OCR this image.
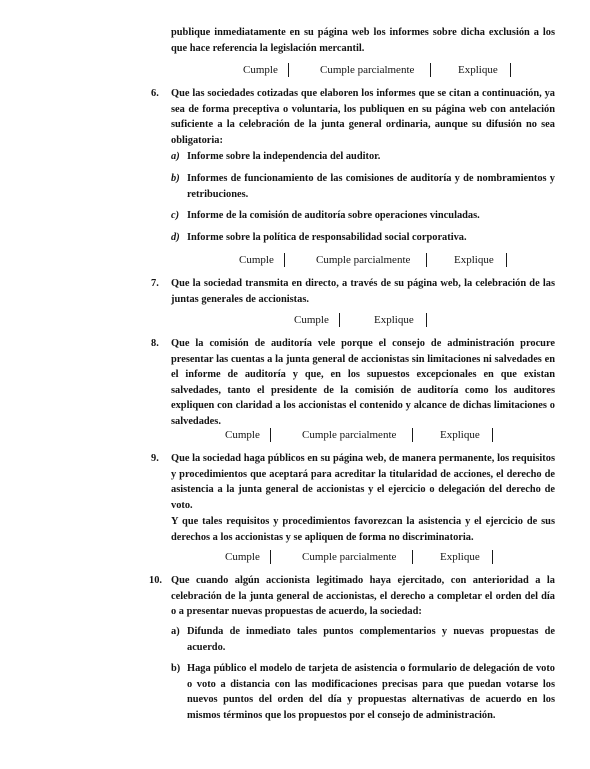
publique inmediatamente en su página web los informes sobre dicha exclusión a los que hace referencia la legislación mercantil.

Cumple	Cumple parcialmente	Explique
6. Que las sociedades cotizadas que elaboren los informes que se citan a continuación, ya sea de forma preceptiva o voluntaria, los publiquen en su página web con antelación suficiente a la celebración de la junta general ordinaria, aunque su difusión no sea obligatoria:

a) Informe sobre la independencia del auditor.

b) Informes de funcionamiento de las comisiones de auditoría y de nombramientos y retribuciones.

c) Informe de la comisión de auditoría sobre operaciones vinculadas.

d) Informe sobre la política de responsabilidad social corporativa.

Cumple	Cumple parcialmente	Explique
7. Que la sociedad transmita en directo, a través de su página web, la celebración de las juntas generales de accionistas.

Cumple	Explique
8. Que la comisión de auditoría vele porque el consejo de administración procure presentar las cuentas a la junta general de accionistas sin limitaciones ni salvedades en el informe de auditoría y que, en los supuestos excepcionales en que existan salvedades, tanto el presidente de la comisión de auditoría como los auditores expliquen con claridad a los accionistas el contenido y alcance de dichas limitaciones o salvedades.

Cumple	Cumple parcialmente	Explique
9. Que la sociedad haga públicos en su página web, de manera permanente, los requisitos y procedimientos que aceptará para acreditar la titularidad de acciones, el derecho de asistencia a la junta general de accionistas y el ejercicio o delegación del derecho de voto.

Y que tales requisitos y procedimientos favorezcan la asistencia y el ejercicio de sus derechos a los accionistas y se apliquen de forma no discriminatoria.

Cumple	Cumple parcialmente	Explique
10. Que cuando algún accionista legitimado haya ejercitado, con anterioridad a la celebración de la junta general de accionistas, el derecho a completar el orden del día o a presentar nuevas propuestas de acuerdo, la sociedad:

a) Difunda de inmediato tales puntos complementarios y nuevas propuestas de acuerdo.

b) Haga público el modelo de tarjeta de asistencia o formulario de delegación de voto o voto a distancia con las modificaciones precisas para que puedan votarse los nuevos puntos del orden del día y propuestas alternativas de acuerdo en los mismos términos que los propuestos por el consejo de administración.
